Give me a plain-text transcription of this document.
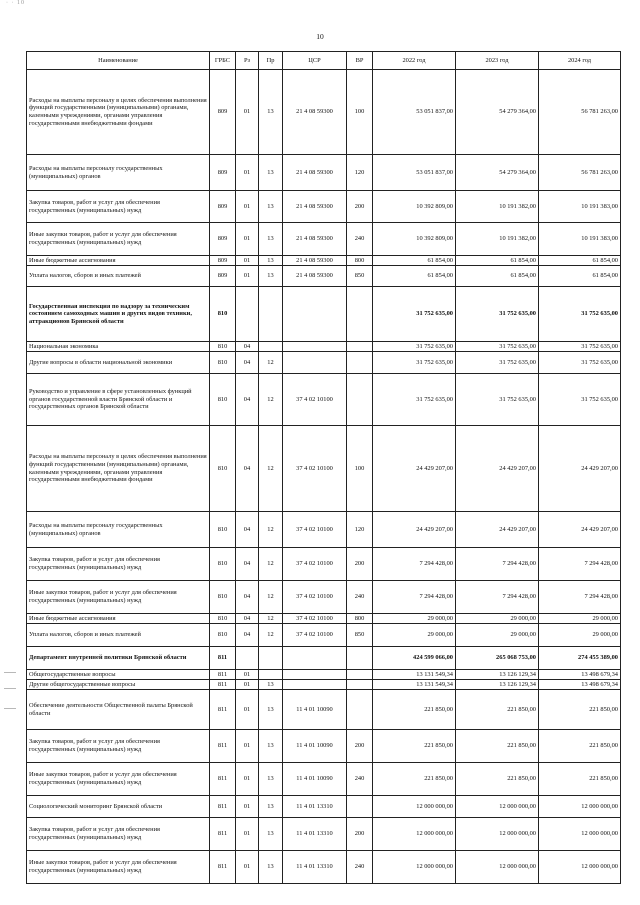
· · 10
10
Наименование	ГРБС	Рз	Пр	ЦСР	ВР	2022 год	2023 год	2024 год
Расходы на выплаты персоналу в целях обеспечения выполнения функций государственными (муниципальными) органами, казенными учреждениями, органами управления государственными внебюджетными фондами	809	01	13	21 4 08 59300	100	53 051 837,00	54 279 364,00	56 781 263,00
Расходы на выплаты персоналу государственных (муниципальных) органов	809	01	13	21 4 08 59300	120	53 051 837,00	54 279 364,00	56 781 263,00
Закупка товаров, работ и услуг для обеспечения государственных (муниципальных) нужд	809	01	13	21 4 08 59300	200	10 392 809,00	10 191 382,00	10 191 383,00
Иные закупки товаров, работ и услуг для обеспечения государственных (муниципальных) нужд	809	01	13	21 4 08 59300	240	10 392 809,00	10 191 382,00	10 191 383,00
Иные бюджетные ассигнования	809	01	13	21 4 08 59300	800	61 854,00	61 854,00	61 854,00
Уплата налогов, сборов и иных платежей	809	01	13	21 4 08 59300	850	61 854,00	61 854,00	61 854,00
Государственная инспекция по надзору за техническим состоянием самоходных машин и других видов техники, аттракционов Брянской области	810					31 752 635,00	31 752 635,00	31 752 635,00
Национальная экономика	810	04				31 752 635,00	31 752 635,00	31 752 635,00
Другие вопросы в области национальной экономики	810	04	12			31 752 635,00	31 752 635,00	31 752 635,00
Руководство и управление в сфере установленных функций органов государственной власти Брянской области и государственных органов Брянской области	810	04	12	37 4 02 10100		31 752 635,00	31 752 635,00	31 752 635,00
Расходы на выплаты персоналу в целях обеспечения выполнения функций государственными (муниципальными) органами, казенными учреждениями, органами управления государственными внебюджетными фондами	810	04	12	37 4 02 10100	100	24 429 207,00	24 429 207,00	24 429 207,00
Расходы на выплаты персоналу государственных (муниципальных) органов	810	04	12	37 4 02 10100	120	24 429 207,00	24 429 207,00	24 429 207,00
Закупка товаров, работ и услуг для обеспечения государственных (муниципальных) нужд	810	04	12	37 4 02 10100	200	7 294 428,00	7 294 428,00	7 294 428,00
Иные закупки товаров, работ и услуг для обеспечения государственных (муниципальных) нужд	810	04	12	37 4 02 10100	240	7 294 428,00	7 294 428,00	7 294 428,00
Иные бюджетные ассигнования	810	04	12	37 4 02 10100	800	29 000,00	29 000,00	29 000,00
Уплата налогов, сборов и иных платежей	810	04	12	37 4 02 10100	850	29 000,00	29 000,00	29 000,00
Департамент внутренней политики Брянской области	811					424 599 066,00	265 068 753,00	274 455 389,00
Общегосударственные вопросы	811	01				13 131 549,34	13 126 129,34	13 498 679,34
Другие общегосударственные вопросы	811	01	13			13 131 549,34	13 126 129,34	13 498 679,34
Обеспечение деятельности Общественной палаты Брянской области	811	01	13	11 4 01 10090		221 850,00	221 850,00	221 850,00
Закупка товаров, работ и услуг для обеспечения государственных (муниципальных) нужд	811	01	13	11 4 01 10090	200	221 850,00	221 850,00	221 850,00
Иные закупки товаров, работ и услуг для обеспечения государственных (муниципальных) нужд	811	01	13	11 4 01 10090	240	221 850,00	221 850,00	221 850,00
Социологический мониторинг Брянской области	811	01	13	11 4 01 13310		12 000 000,00	12 000 000,00	12 000 000,00
Закупка товаров, работ и услуг для обеспечения государственных (муниципальных) нужд	811	01	13	11 4 01 13310	200	12 000 000,00	12 000 000,00	12 000 000,00
Иные закупки товаров, работ и услуг для обеспечения государственных (муниципальных) нужд	811	01	13	11 4 01 13310	240	12 000 000,00	12 000 000,00	12 000 000,00
